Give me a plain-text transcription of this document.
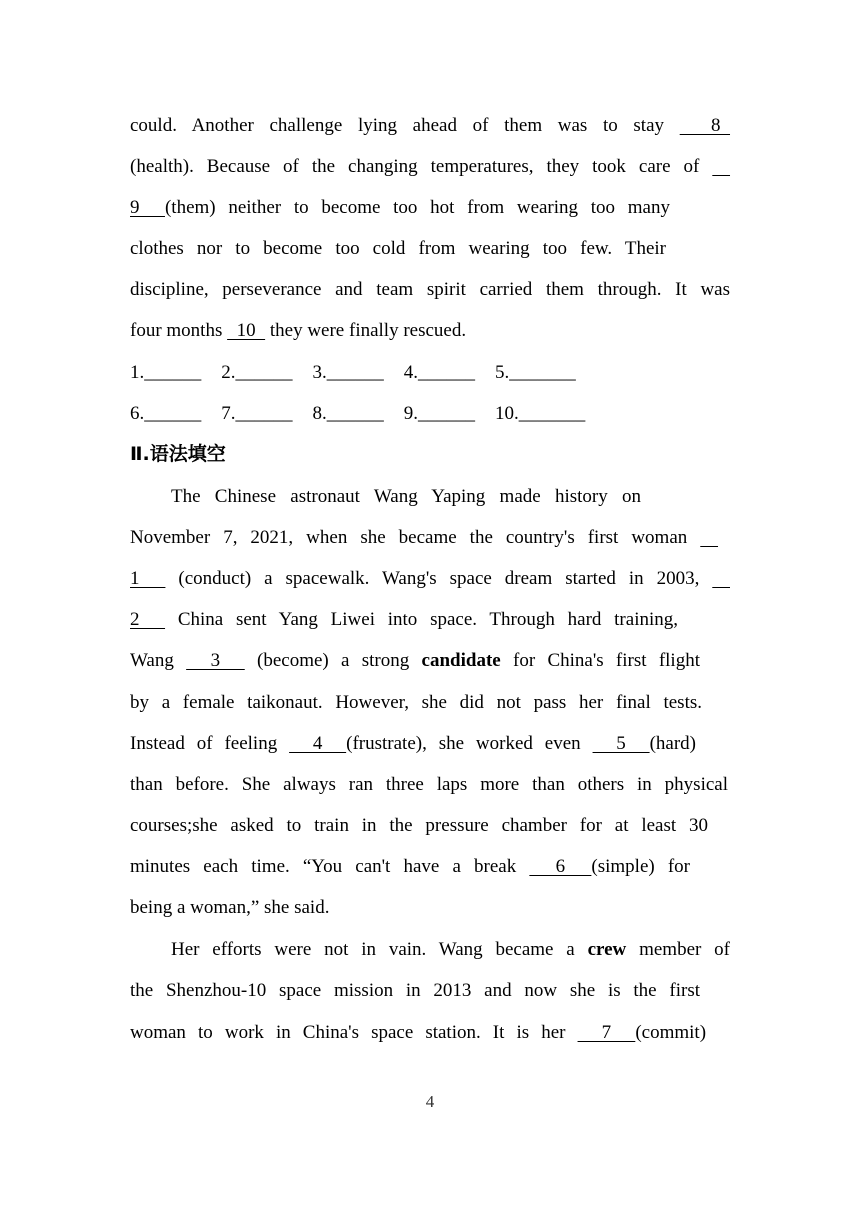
could. Another challenge lying ahead of them was to stay   8
(health). Because of the changing temperatures, they took care of
9  (them) neither to become too hot from wearing too many
clothes nor to become too cold from wearing too few. Their
discipline, perseverance and team spirit carried them through. It was
four months   10   they were finally rescued.
1.______ 2.______ 3.______ 4.______ 5._______
6.______ 7.______ 8.______ 9.______ 10._______
Ⅱ.语法填空
The Chinese astronaut Wang Yaping made history on
November 7, 2021, when she became the country's first woman
1   (conduct) a spacewalk. Wang's space dream started in 2003,
2   China sent Yang Liwei into space. Through hard training,
Wang   3   (become) a strong candidate for China's first flight
by a female taikonaut. However, she did not pass her final tests.
Instead of feeling   4  (frustrate), she worked even   5  (hard)
than before. She always ran three laps more than others in physical
courses;she asked to train in the pressure chamber for at least 30
minutes each time. “You can't have a break   6  (simple) for
being a woman,” she said.
Her efforts were not in vain. Wang became a crew member of
the Shenzhou-10 space mission in 2013 and now she is the first
woman to work in China's space station. It is her   7  (commit)
4
